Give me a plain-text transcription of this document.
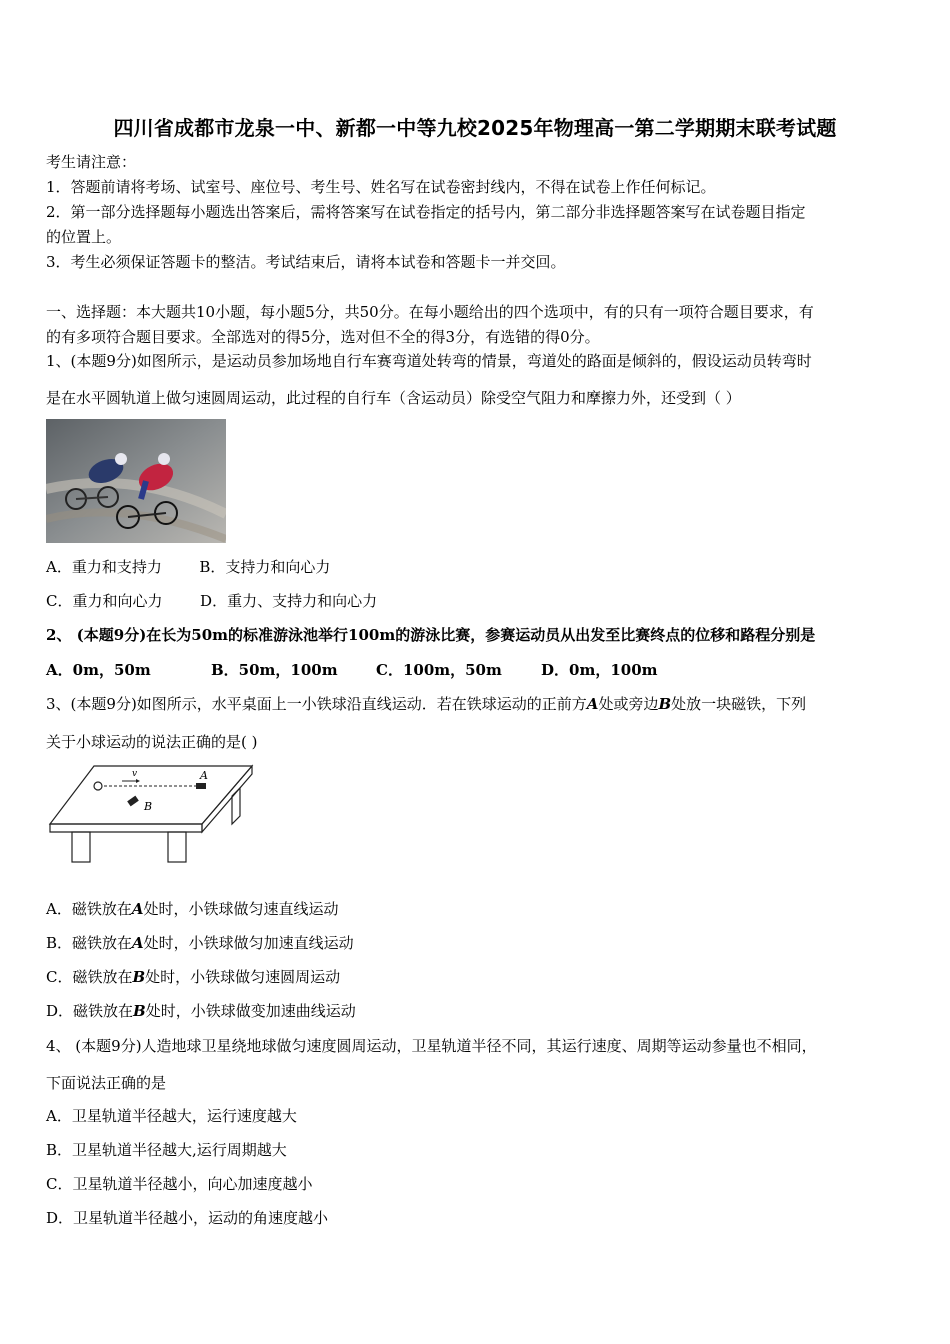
四川省成都市龙泉一中、新都一中等九校2025年物理高一第二学期期末联考试题
考生请注意：
1．答题前请将考场、试室号、座位号、考生号、姓名写在试卷密封线内，不得在试卷上作任何标记。
2．第一部分选择题每小题选出答案后，需将答案写在试卷指定的括号内，第二部分非选择题答案写在试卷题目指定
的位置上。
3．考生必须保证答题卡的整洁。考试结束后，请将本试卷和答题卡一并交回。
一、选择题：本大题共10小题，每小题5分，共50分。在每小题给出的四个选项中，有的只有一项符合题目要求，有
的有多项符合题目要求。全部选对的得5分，选对但不全的得3分，有选错的得0分。
1、(本题9分)如图所示，是运动员参加场地自行车赛弯道处转弯的情景，弯道处的路面是倾斜的，假设运动员转弯时
是在水平圆轨道上做匀速圆周运动，此过程的自行车（含运动员）除受空气阻力和摩擦力外，还受到（ ）
A．重力和支持力	B．支持力和向心力
C．重力和向心力	D．重力、支持力和向心力
2、 (本题9分)在长为50m的标准游泳池举行100m的游泳比赛，参赛运动员从出发至比赛终点的位移和路程分别是
A．0m，50m	B．50m，100m	C．100m，50m	D．0m，100m
3、(本题9分)如图所示，水平桌面上一小铁球沿直线运动．若在铁球运动的正前方A处或旁边B处放一块磁铁，下列
关于小球运动的说法正确的是( )
v	A
B
A．磁铁放在A处时，小铁球做匀速直线运动
B．磁铁放在A处时，小铁球做匀加速直线运动
C．磁铁放在B处时，小铁球做匀速圆周运动
D．磁铁放在B处时，小铁球做变加速曲线运动
4、 (本题9分)人造地球卫星绕地球做匀速度圆周运动，卫星轨道半径不同，其运行速度、周期等运动参量也不相同，
下面说法正确的是
A．卫星轨道半径越大，运行速度越大
B．卫星轨道半径越大,运行周期越大
C．卫星轨道半径越小，向心加速度越小
D．卫星轨道半径越小，运动的角速度越小
